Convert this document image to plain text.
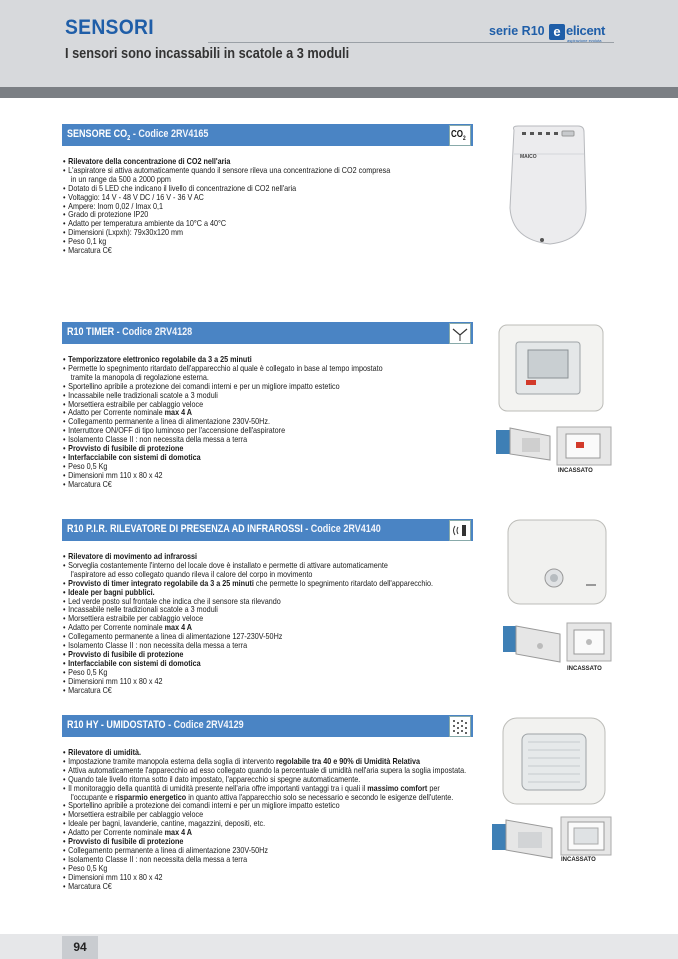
SENSORI
I sensori sono incassabili in scatole a 3 moduli
serie R10 e elicent
aspirazione evoluta
SENSORE $CO_2$ - Codice 2RV4165	$CO_2$
• Rilevatore della concentrazione di CO2 nell'aria
• L'aspiratore si attiva automaticamente quando il sensore rileva una concentrazione di CO2 compresa
in un range da 500 a 2000 ppm
• Dotato di 5 LED che indicano il livello di concentrazione di CO2 nell'aria
• Voltaggio: 14 V - 48 V DC / 16 V - 36 V AC
• Ampere: Inom 0,02 / Imax 0,1
• Grado di protezione IP20
• Adatto per temperatura ambiente da 10°C a 40°C
• Dimensioni (Lxpxh): 79x30x120 mm
• Peso 0,1 kg
• Marcatura C€
MAICO
R10 TIMER - Codice 2RV4128
• Temporizzatore elettronico regolabile da 3 a 25 minuti
• Permette lo spegnimento ritardato dell'apparecchio al quale è collegato in base al tempo impostato
tramite la manopola di regolazione esterna.
• Sportellino apribile a protezione dei comandi interni e per un migliore impatto estetico
• Incassabile nelle tradizionali scatole a 3 moduli
• Morsettiera estraibile per cablaggio veloce
• Adatto per Corrente nominale max 4 A
• Collegamento permanente a linea di alimentazione 230V-50Hz.
• Interruttore ON/OFF di tipo luminoso per l'accensione dell'aspiratore
• Isolamento Classe II : non necessita della messa a terra
• Provvisto di fusibile di protezione
• Interfacciabile con sistemi di domotica
• Peso 0,5 Kg
• Dimensioni mm 110 x 80 x 42
• Marcatura C€
INCASSATO
R10 P.I.R. RILEVATORE DI PRESENZA AD INFRAROSSI - Codice 2RV4140
• Rilevatore di movimento ad infrarossi
• Sorveglia costantemente l'interno del locale dove è installato e permette di attivare automaticamente
l'aspiratore ad esso collegato quando rileva il calore del corpo in movimento
• Provvisto di timer integrato regolabile da 3 a 25 minuti che permette lo spegnimento ritardato dell'apparecchio.
• Ideale per bagni pubblici.
• Led verde posto sul frontale che indica che il sensore sta rilevando
• Incassabile nelle tradizionali scatole a 3 moduli
• Morsettiera estraibile per cablaggio veloce
• Adatto per Corrente nominale max 4 A
• Collegamento permanente a linea di alimentazione 127-230V-50Hz
• Isolamento Classe II : non necessita della messa a terra
• Provvisto di fusibile di protezione
• Interfacciabile con sistemi di domotica
• Peso 0,5 Kg
• Dimensioni mm 110 x 80 x 42
• Marcatura C€
INCASSATO
R10 HY - UMIDOSTATO - Codice 2RV4129
• Rilevatore di umidità.
• Impostazione tramite manopola esterna della soglia di intervento regolabile tra 40 e 90% di Umidità Relativa
• Attiva automaticamente l'apparecchio ad esso collegato quando la percentuale di umidità nell'aria supera la soglia impostata.
• Quando tale livello ritorna sotto il dato impostato, l'apparecchio si spegne automaticamente.
• Il monitoraggio della quantità di umidità presente nell'aria offre importanti vantaggi tra i quali il massimo comfort per
l'occupante e risparmio energetico in quanto attiva l'apparecchio solo se necessario e secondo le esigenze dell'utente.
• Sportellino apribile a protezione dei comandi interni e per un migliore impatto estetico
• Morsettiera estraibile per cablaggio veloce
• Ideale per bagni, lavanderie, cantine, magazzini, depositi, etc.
• Adatto per Corrente nominale max 4 A
• Provvisto di fusibile di protezione
• Collegamento permanente a linea di alimentazione 230V-50Hz
• Isolamento Classe II : non necessita della messa a terra
• Peso 0,5 Kg
• Dimensioni mm 110 x 80 x 42
• Marcatura C€
INCASSATO
94
